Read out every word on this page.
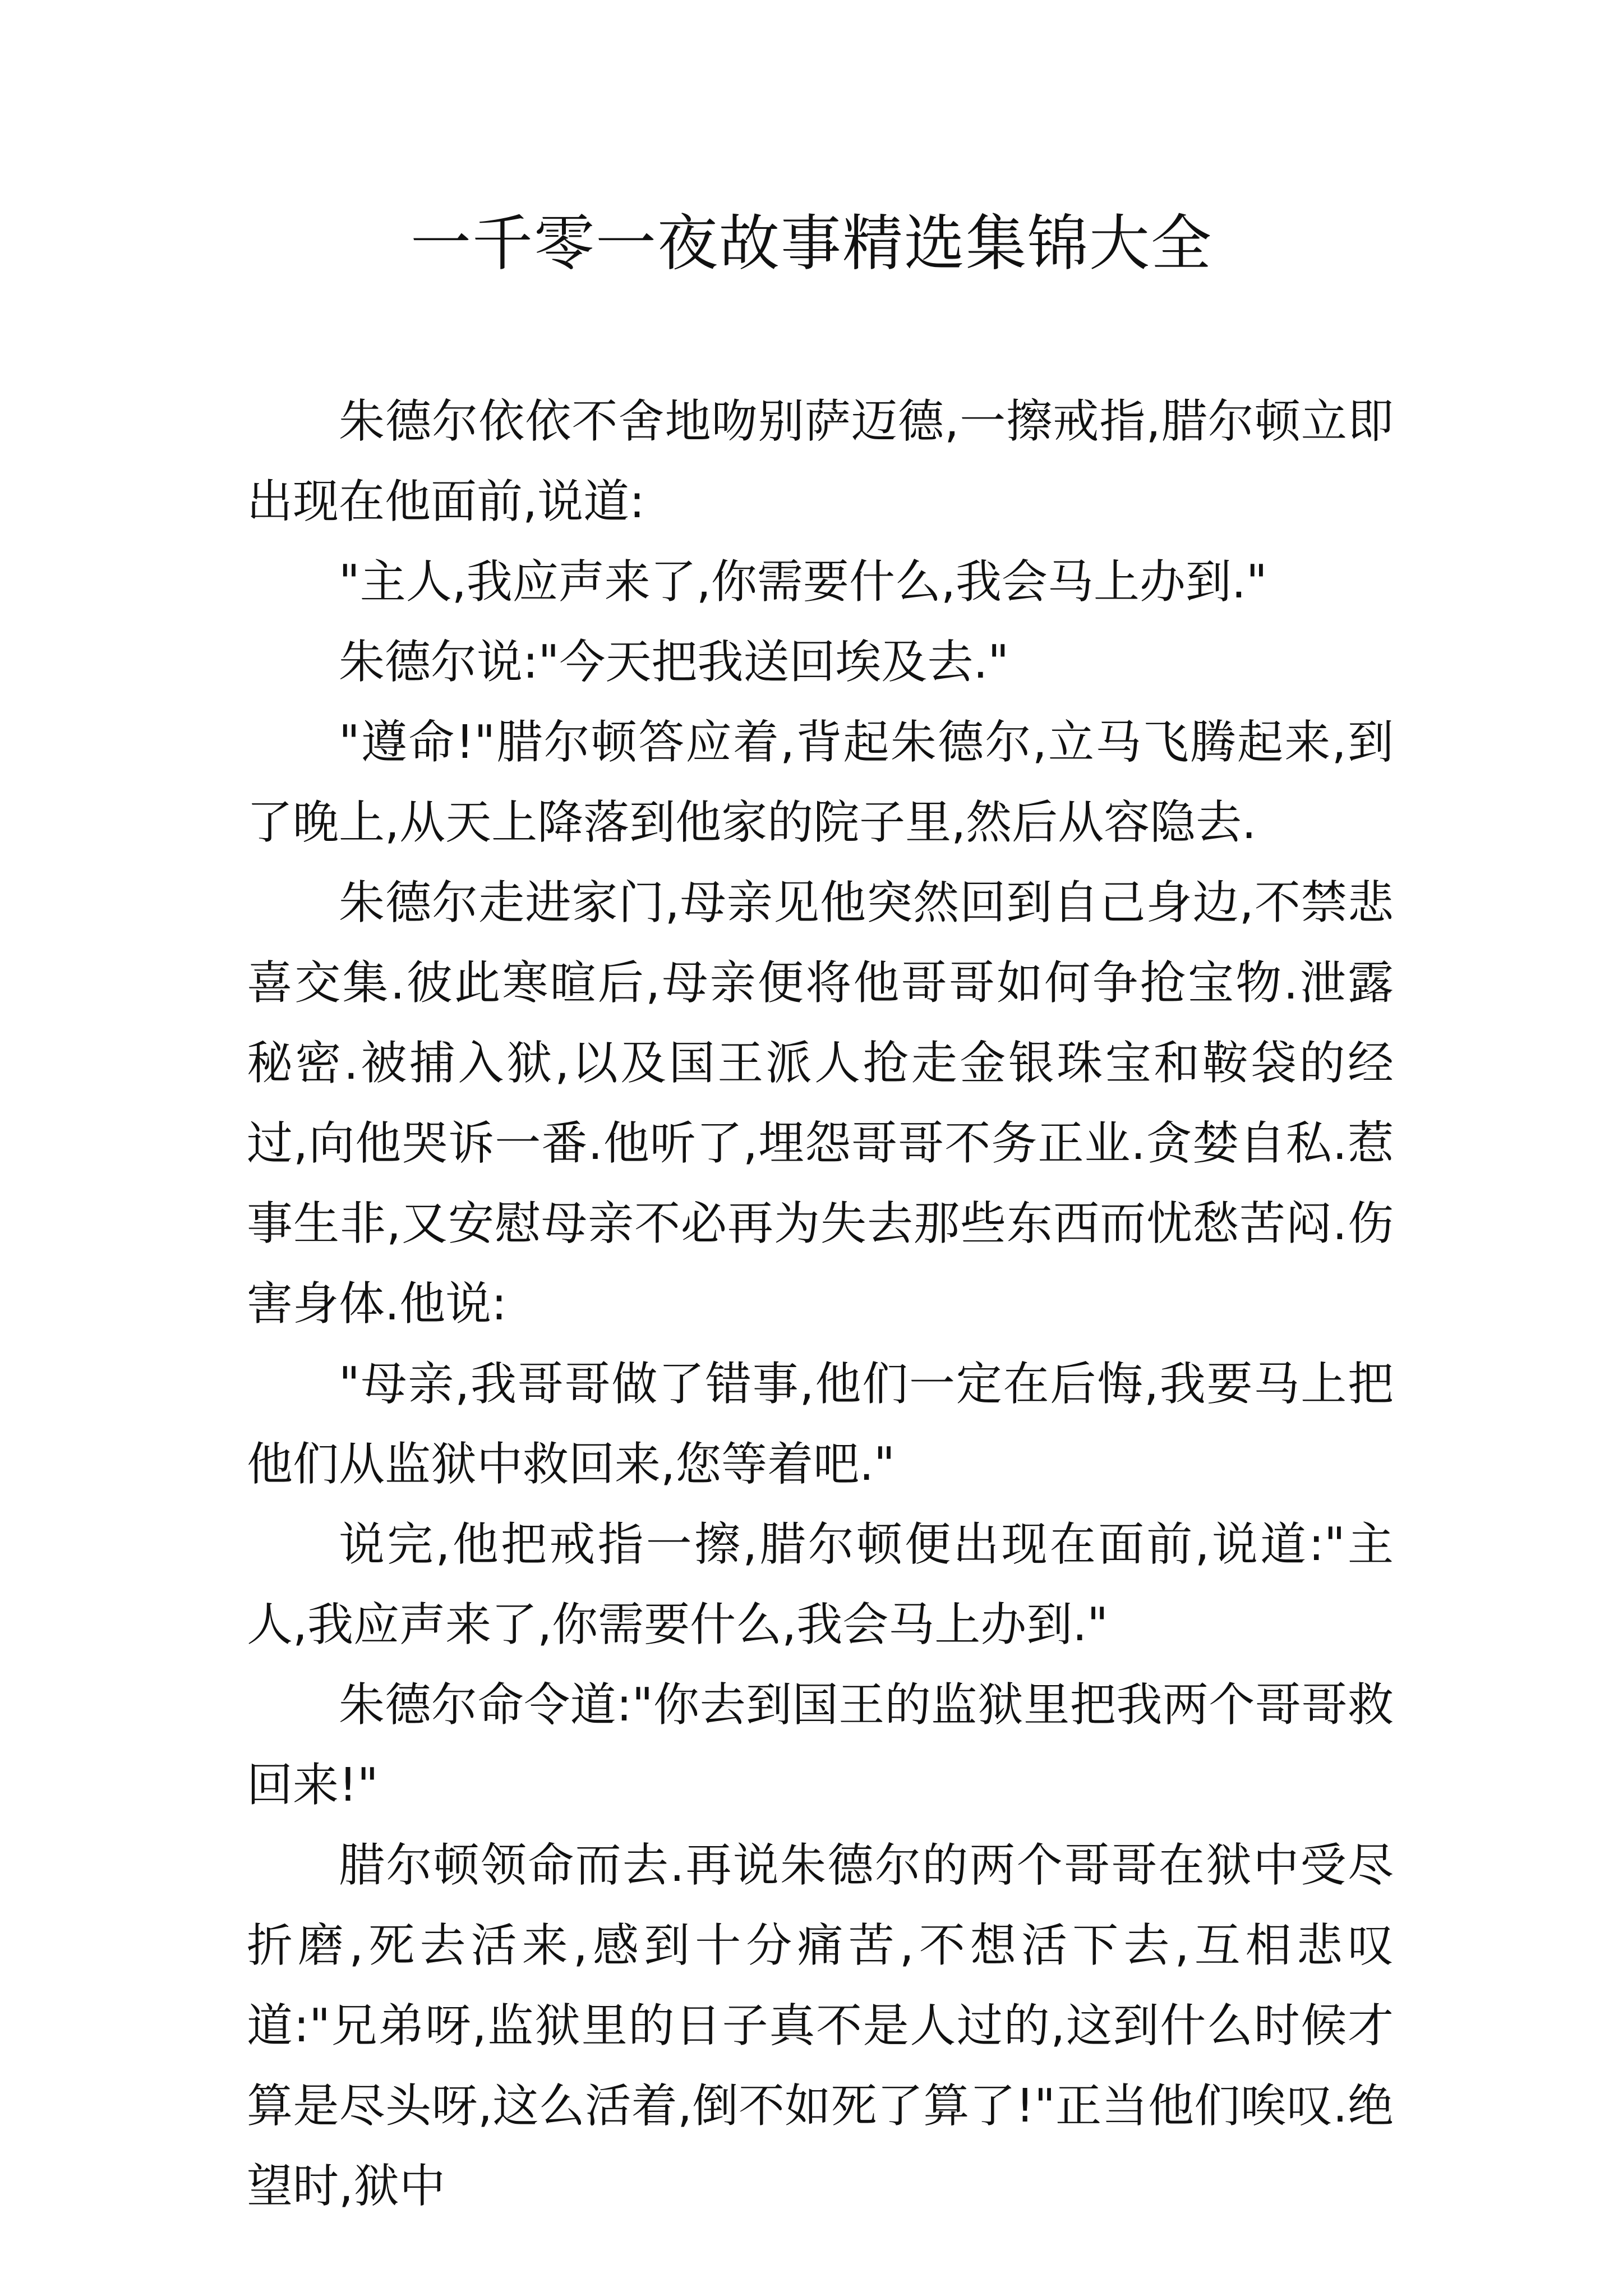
一千零一夜故事精选集锦大全

朱德尔依依不舍地吻别萨迈德,一擦戒指,腊尔顿立即出现在他面前,说道:

"主人,我应声来了,你需要什么,我会马上办到."

朱德尔说:"今天把我送回埃及去."

"遵命!"腊尔顿答应着,背起朱德尔,立马飞腾起来,到了晚上,从天上降落到他家的院子里,然后从容隐去.

朱德尔走进家门,母亲见他突然回到自己身边,不禁悲喜交集.彼此寒暄后,母亲便将他哥哥如何争抢宝物.泄露秘密.被捕入狱,以及国王派人抢走金银珠宝和鞍袋的经过,向他哭诉一番.他听了,埋怨哥哥不务正业.贪婪自私.惹事生非,又安慰母亲不必再为失去那些东西而忧愁苦闷.伤害身体.他说:

"母亲,我哥哥做了错事,他们一定在后悔,我要马上把他们从监狱中救回来,您等着吧."

说完,他把戒指一擦,腊尔顿便出现在面前,说道:"主人,我应声来了,你需要什么,我会马上办到."

朱德尔命令道:"你去到国王的监狱里把我两个哥哥救回来!"

腊尔顿领命而去.再说朱德尔的两个哥哥在狱中受尽折磨,死去活来,感到十分痛苦,不想活下去,互相悲叹道:"兄弟呀,监狱里的日子真不是人过的,这到什么时候才算是尽头呀,这么活着,倒不如死了算了!"正当他们唉叹.绝望时,狱中
